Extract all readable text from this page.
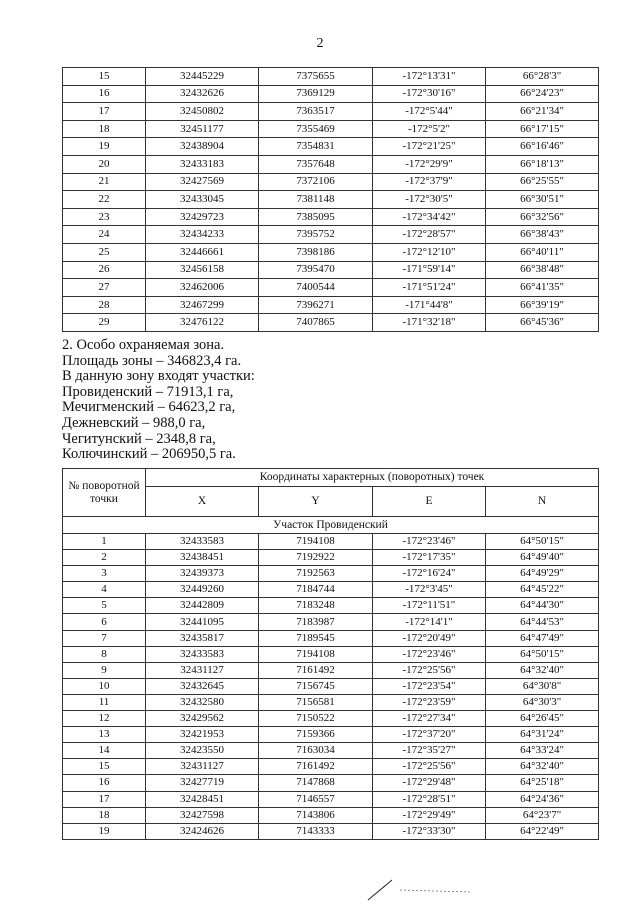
2
15	32445229	7375655	-172°13'31"	66°28'3"
16	32432626	7369129	-172°30'16"	66°24'23"
17	32450802	7363517	-172°5'44"	66°21'34"
18	32451177	7355469	-172°5'2"	66°17'15"
19	32438904	7354831	-172°21'25"	66°16'46"
20	32433183	7357648	-172°29'9"	66°18'13"
21	32427569	7372106	-172°37'9"	66°25'55"
22	32433045	7381148	-172°30'5"	66°30'51"
23	32429723	7385095	-172°34'42"	66°32'56"
24	32434233	7395752	-172°28'57"	66°38'43"
25	32446661	7398186	-172°12'10"	66°40'11"
26	32456158	7395470	-171°59'14"	66°38'48"
27	32462006	7400544	-171°51'24"	66°41'35"
28	32467299	7396271	-171°44'8"	66°39'19"
29	32476122	7407865	-171°32'18"	66°45'36"
2. Особо охраняемая зона.
Площадь зоны – 346823,4 га.
В данную зону входят участки:
Провиденский – 71913,1 га,
Мечигменский – 64623,2 га,
Дежневский – 988,0 га,
Чегитунский – 2348,8 га,
Колючинский – 206950,5 га.
№ поворотной точки	Координаты характерных (поворотных) точек			
	X	Y	E	N
Участок Провиденский				
1	32433583	7194108	-172°23'46"	64°50'15"
2	32438451	7192922	-172°17'35"	64°49'40"
3	32439373	7192563	-172°16'24"	64°49'29"
4	32449260	7184744	-172°3'45"	64°45'22"
5	32442809	7183248	-172°11'51"	64°44'30"
6	32441095	7183987	-172°14'1"	64°44'53"
7	32435817	7189545	-172°20'49"	64°47'49"
8	32433583	7194108	-172°23'46"	64°50'15"
9	32431127	7161492	-172°25'56"	64°32'40"
10	32432645	7156745	-172°23'54"	64°30'8"
11	32432580	7156581	-172°23'59"	64°30'3"
12	32429562	7150522	-172°27'34"	64°26'45"
13	32421953	7159366	-172°37'20"	64°31'24"
14	32423550	7163034	-172°35'27"	64°33'24"
15	32431127	7161492	-172°25'56"	64°32'40"
16	32427719	7147868	-172°29'48"	64°25'18"
17	32428451	7146557	-172°28'51"	64°24'36"
18	32427598	7143806	-172°29'49"	64°23'7"
19	32424626	7143333	-172°33'30"	64°22'49"
